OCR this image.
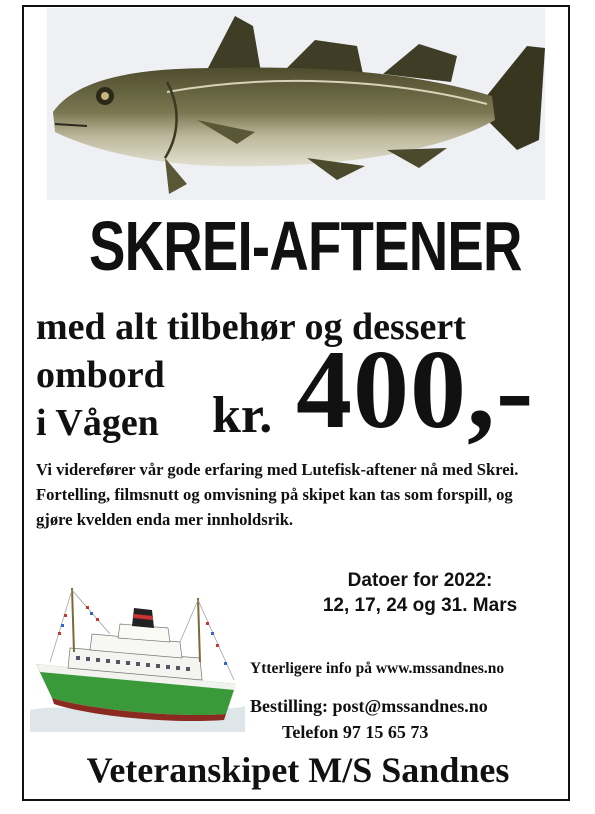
SKREI-AFTENER
med alt tilbehør og dessert
ombord
i Vågen kr. 400,-

Vi viderefører vår gode erfaring med Lutefisk-aftener nå med Skrei.

Fortelling, filmsnutt og omvisning på skipet kan tas som forspill, og

gjøre kvelden enda mer innholdsrik.

Datoer for 2022:
12, 17, 24 og 31. Mars
Ytterligere info på www.mssandnes.no
Bestilling: post@mssandnes.no
Telefon 97 15 65 73
Veteranskipet M/S Sandnes
